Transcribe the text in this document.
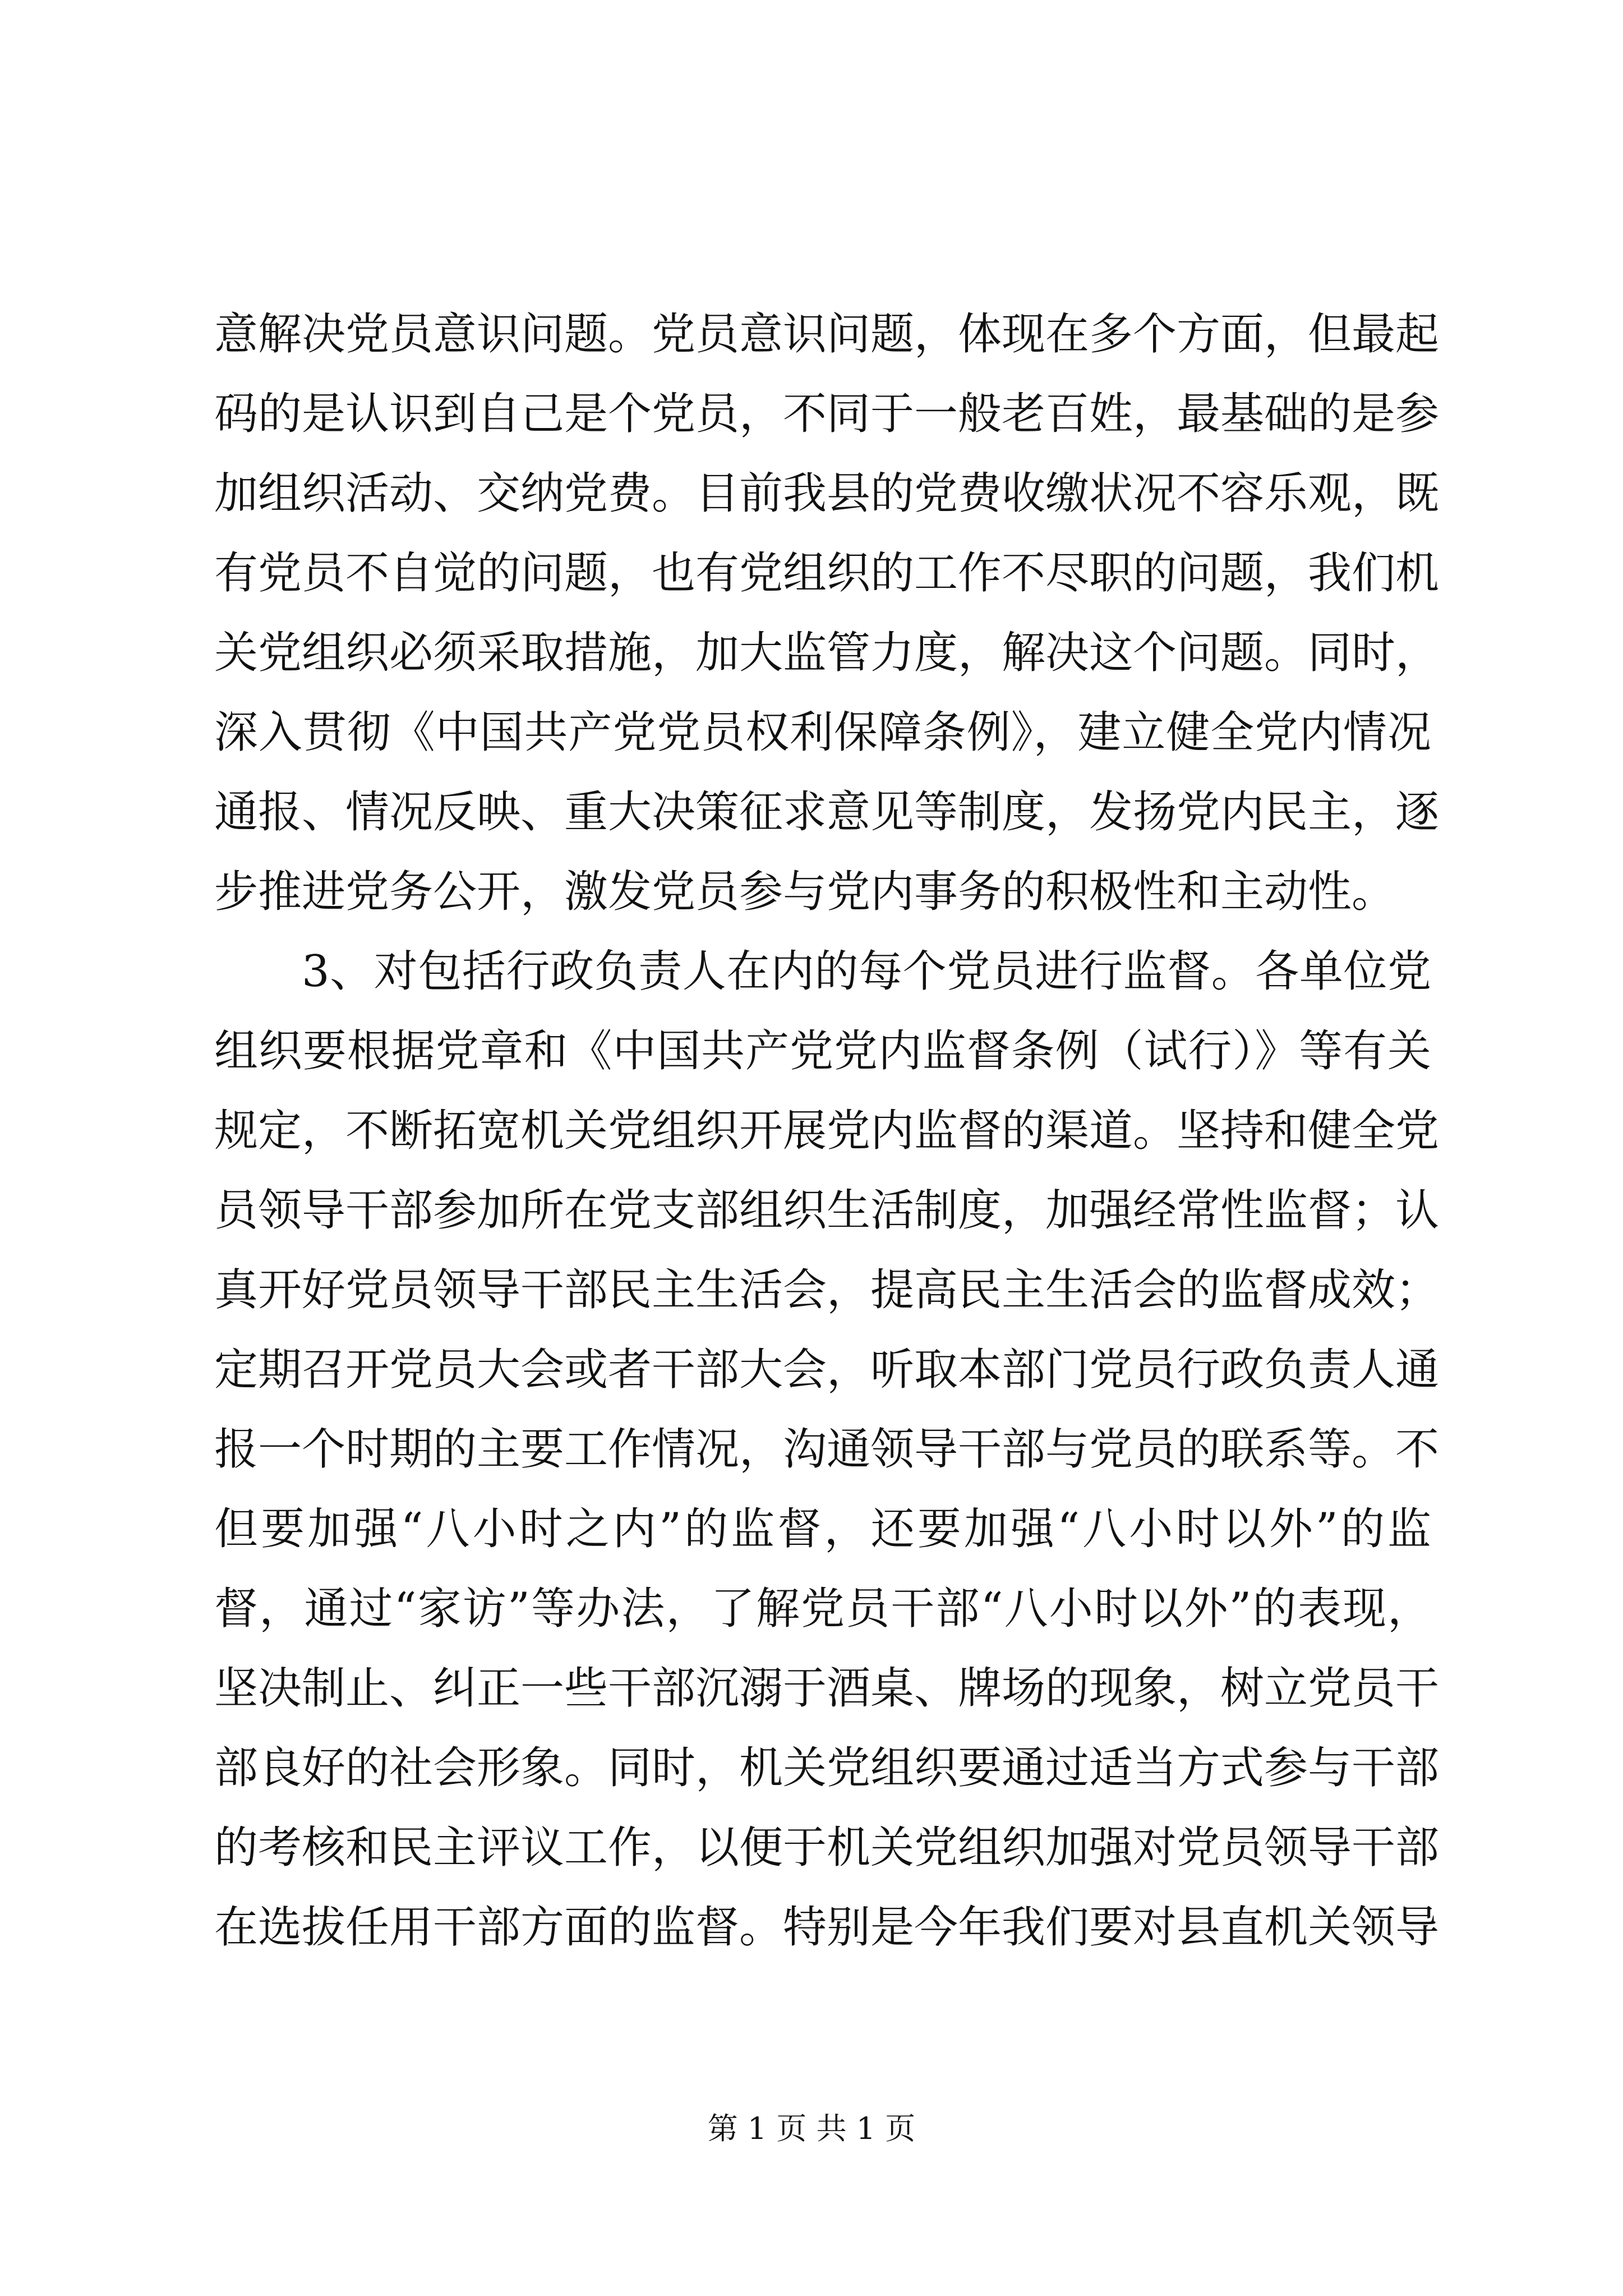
意解决党员意识问题。党员意识问题，体现在多个方面，但最起
码的是认识到自己是个党员，不同于一般老百姓，最基础的是参
加组织活动、交纳党费。目前我县的党费收缴状况不容乐观，既
有党员不自觉的问题，也有党组织的工作不尽职的问题，我们机
关党组织必须采取措施，加大监管力度，解决这个问题。同时，
深入贯彻《中国共产党党员权利保障条例》，建立健全党内情况
通报、情况反映、重大决策征求意见等制度，发扬党内民主，逐
步推进党务公开，激发党员参与党内事务的积极性和主动性。
3、对包括行政负责人在内的每个党员进行监督。各单位党
组织要根据党章和《中国共产党党内监督条例（试行）》等有关
规定，不断拓宽机关党组织开展党内监督的渠道。坚持和健全党
员领导干部参加所在党支部组织生活制度，加强经常性监督；认
真开好党员领导干部民主生活会，提高民主生活会的监督成效；
定期召开党员大会或者干部大会，听取本部门党员行政负责人通
报一个时期的主要工作情况，沟通领导干部与党员的联系等。不
但要加强“八小时之内”的监督，还要加强“八小时以外”的监
督，通过“家访”等办法，了解党员干部“八小时以外”的表现，
坚决制止、纠正一些干部沉溺于酒桌、牌场的现象，树立党员干
部良好的社会形象。同时，机关党组织要通过适当方式参与干部
的考核和民主评议工作，以便于机关党组织加强对党员领导干部
在选拔任用干部方面的监督。特别是今年我们要对县直机关领导
第 1 页 共 1 页
